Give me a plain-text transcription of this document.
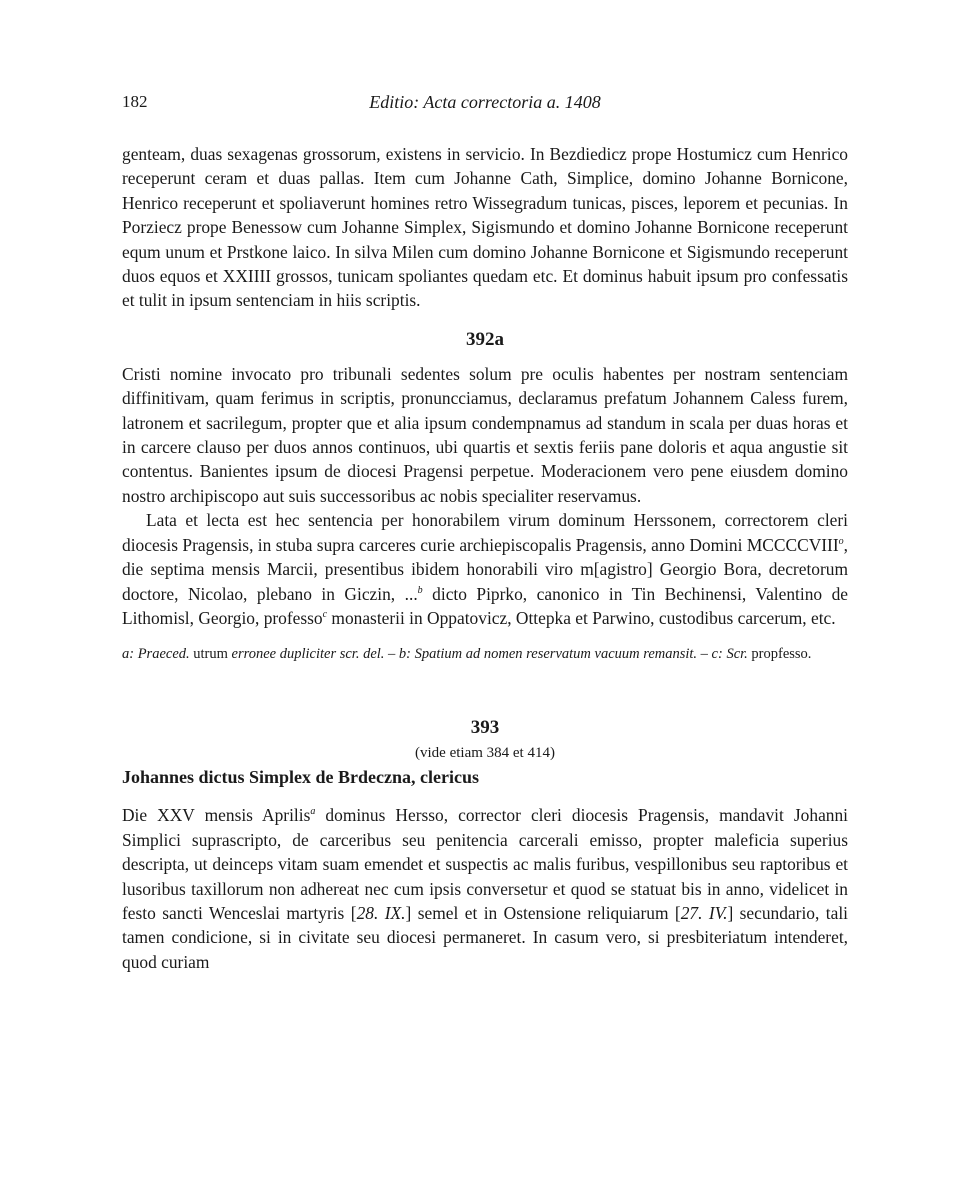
182	Editio: Acta correctoria a. 1408

genteam, duas sexagenas grossorum, existens in servicio. In Bezdiedicz prope Hostumicz cum Henrico receperunt ceram et duas pallas. Item cum Johanne Cath, Simplice, domino Johanne Bornicone, Henrico receperunt et spoliaverunt homines retro Wissegradum tunicas, pisces, leporem et pecunias. In Porziecz prope Benessow cum Johanne Simplex, Sigismundo et domino Johanne Bornicone receperunt equm unum et Prstkone laico. In silva Milen cum domino Johanne Bornicone et Sigismundo receperunt duos equos et XXIIII grossos, tunicam spoliantes quedam etc. Et dominus habuit ipsum pro confessatis et tulit in ipsum sentenciam in hiis scriptis.

392a

Cristi nomine invocato pro tribunali sedentes solum pre oculis habentes per nostram sentenciam diffinitivam, quam ferimus in scriptis, pronuncciamus, declaramus prefatum Johannem Caless furem, latronem et sacrilegum, propter que et alia ipsum condempnamus ad standum in scala per duas horas et in carcere clauso per duos annos continuos, ubi quartis et sextis feriis pane doloris et aqua angustie sit contentus. Banientes ipsum de diocesi Pragensi perpetue. Moderacionem vero pene eiusdem domino nostro archipiscopo aut suis successoribus ac nobis specialiter reservamus.

Lata et lecta est hec sentencia per honorabilem virum dominum Herssonem, correctorem cleri diocesis Pragensis, in stuba supra carceres curie archiepiscopalis Pragensis, anno Domini MCCCCVIII$^o$, die septima mensis Marcii, presentibus ibidem honorabili viro m[agistro] Georgio Bora, decretorum doctore, Nicolao, plebano in Giczin, ...$^b$ dicto Piprko, canonico in Tin Bechinensi, Valentino de Lithomisl, Georgio, professo$^c$ monasterii in Oppatovicz, Ottepka et Parwino, custodibus carcerum, etc.

a: Praeced. utrum erronee dupliciter scr. del. – b: Spatium ad nomen reservatum vacuum remansit. – c: Scr. propfesso.
393
(vide etiam 384 et 414)
Johannes dictus Simplex de Brdeczna, clericus

Die XXV mensis Aprilis$^a$ dominus Hersso, corrector cleri diocesis Pragensis, mandavit Johanni Simplici suprascripto, de carceribus seu penitencia carcerali emisso, propter maleficia superius descripta, ut deinceps vitam suam emendet et suspectis ac malis furibus, vespillonibus seu raptoribus et lusoribus taxillorum non adhereat nec cum ipsis conversetur et quod se statuat bis in anno, videlicet in festo sancti Wenceslai martyris [28. IX.] semel et in Ostensione reliquiarum [27. IV.] secundario, tali tamen condicione, si in civitate seu diocesi permaneret. In casum vero, si presbiteriatum intenderet, quod curiam
